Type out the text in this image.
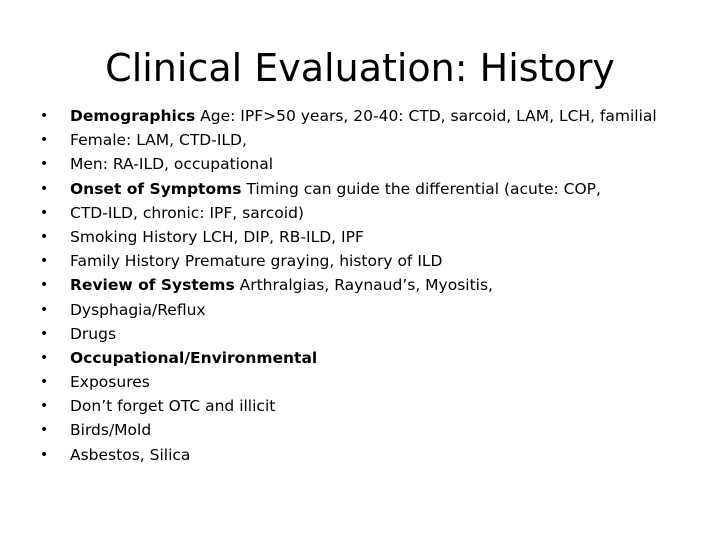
Clinical Evaluation: History
•	Demographics Age: IPF>50 years, 20-40: CTD, sarcoid, LAM, LCH, familial
•	Female: LAM, CTD-ILD,
•	Men: RA-ILD, occupational
•	Onset of Symptoms Timing can guide the differential (acute: COP,
•	CTD-ILD, chronic: IPF, sarcoid)
•	Smoking History LCH, DIP, RB-ILD, IPF
•	Family History Premature graying, history of ILD
•	Review of Systems Arthralgias, Raynaud’s, Myositis,
•	Dysphagia/Reflux
•	Drugs
•	Occupational/Environmental
•	Exposures
•	Don’t forget OTC and illicit
•	Birds/Mold
•	Asbestos, Silica
